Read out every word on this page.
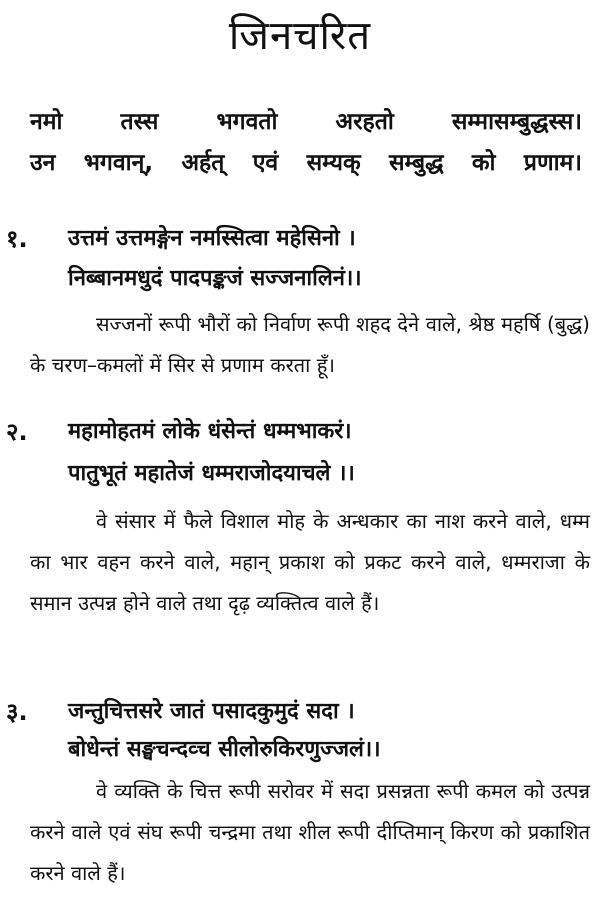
जिनचरित
नमो तस्स भगवतो अरहतो सम्मासम्बुद्धस्स।
उन भगवान्, अर्हत् एवं सम्यक् सम्बुद्ध को प्रणाम।
१. उत्तमं उत्तमङ्गेन नमस्सित्वा महेसिनो ।
निब्बानमधुदं पादपङ्कजं सज्जनालिनं।।
सज्जनों रूपी भौरों को निर्वाण रूपी शहद देने वाले, श्रेष्ठ महर्षि (बुद्ध) के चरण–कमलों में सिर से प्रणाम करता हूँ।
२. महामोहतमं लोके धंसेन्तं धम्मभाकरं।
पातुभूतं महातेजं धम्मराजोदयाचले ।।
वे संसार में फैले विशाल मोह के अन्धकार का नाश करने वाले, धम्म का भार वहन करने वाले, महान् प्रकाश को प्रकट करने वाले, धम्मराजा के समान उत्पन्न होने वाले तथा दृढ़ व्यक्तित्व वाले हैं।
३. जन्तुचित्तसरे जातं पसादकुमुदं सदा ।
बोधेन्तं सङ्घचन्दव्च सीलोरुकिरणुज्जलं।।
वे व्यक्ति के चित्त रूपी सरोवर में सदा प्रसन्नता रूपी कमल को उत्पन्न करने वाले एवं संघ रूपी चन्द्रमा तथा शील रूपी दीप्तिमान् किरण को प्रकाशित करने वाले हैं।
